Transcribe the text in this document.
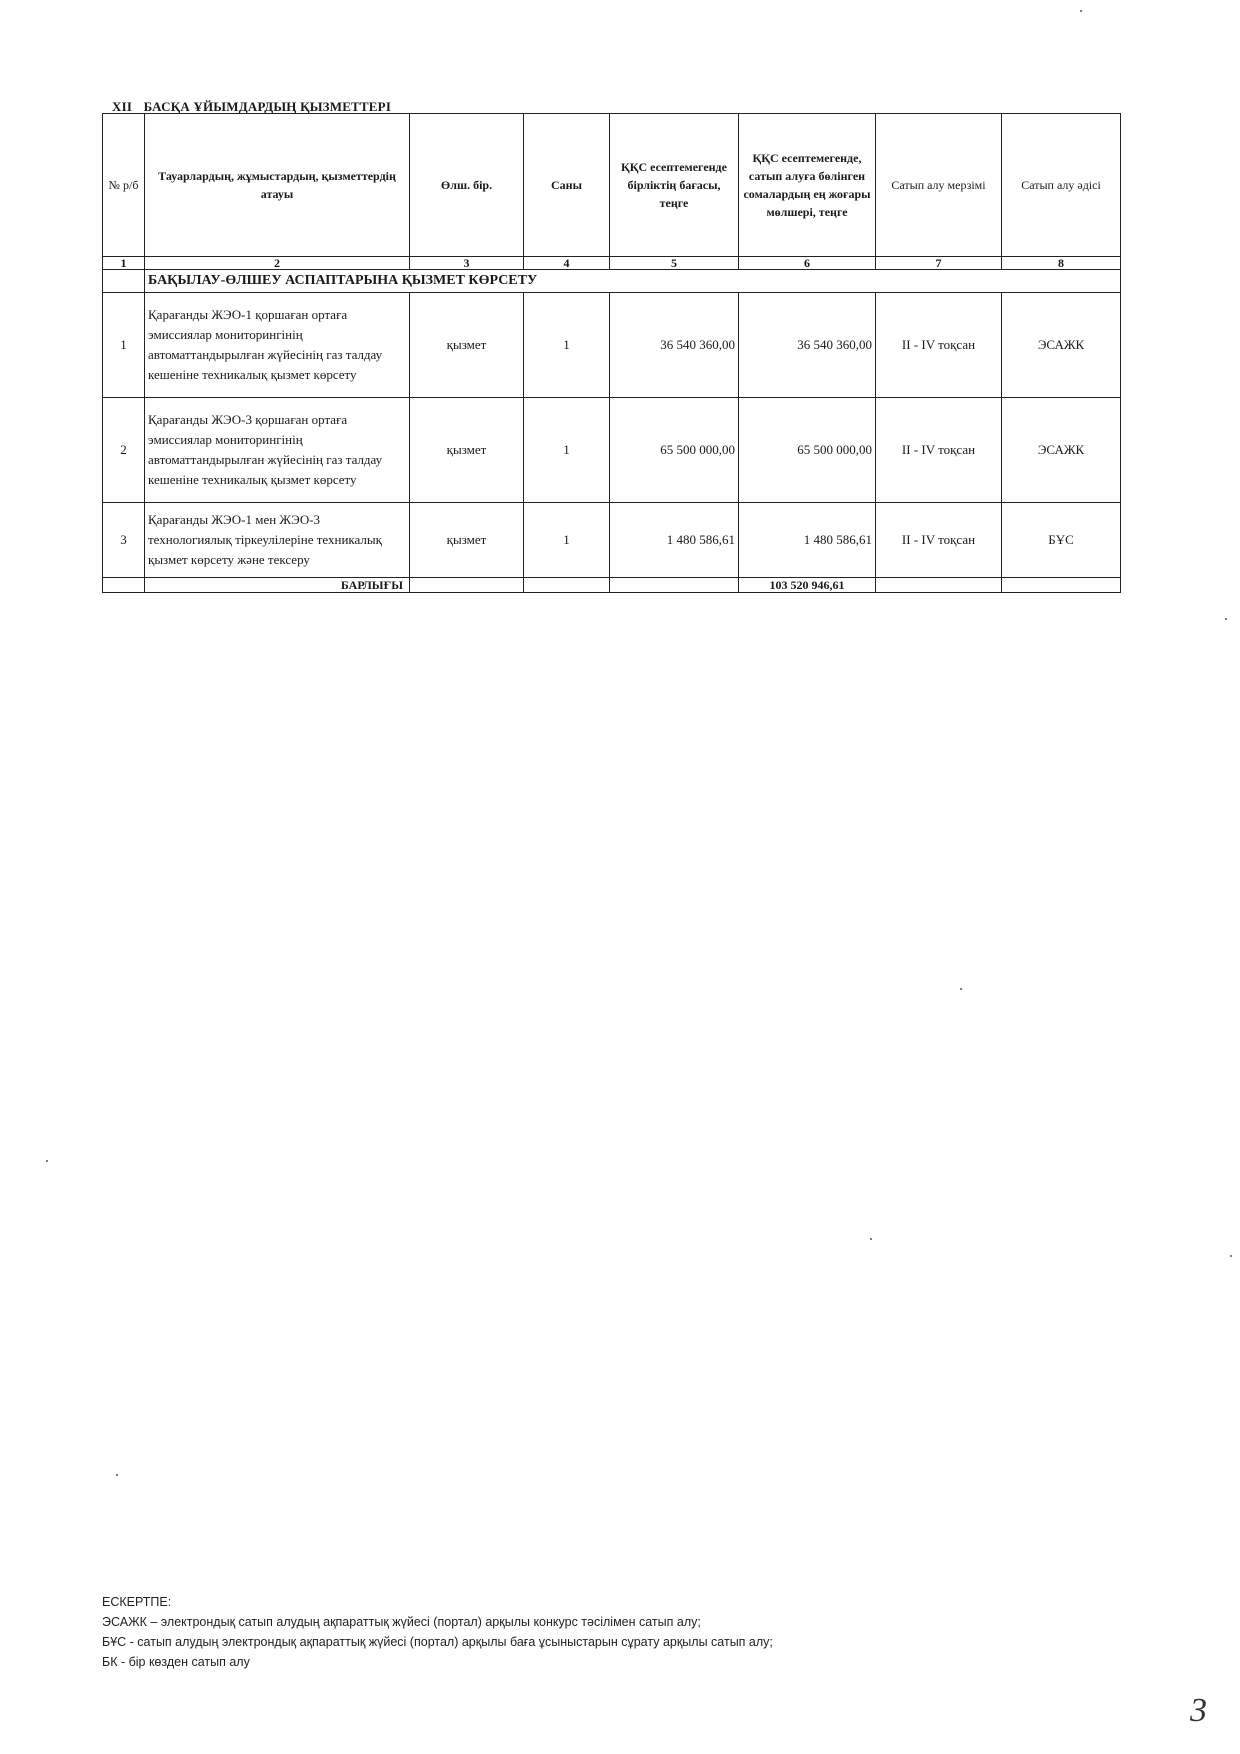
XII БАСҚА ҰЙЫМДАРДЫҢ ҚЫЗМЕТТЕРІ
№ р/б	Тауарлардың, жұмыстардың, қызметтердің атауы	Өлш. бір.	Саны	ҚҚС есептемегенде бірліктің бағасы, теңге	ҚҚС есептемегенде, сатып алуға бөлінген сомалардың ең жоғары мөлшері, теңге	Сатып алу мерзімі	Сатып алу әдісі
1	2	3	4	5	6	7	8
	БАҚЫЛАУ-ӨЛШЕУ АСПАПТАРЫНА ҚЫЗМЕТ КӨРСЕТУ						
1	Қарағанды ЖЭО-1 қоршаған ортаға эмиссиялар мониторингінің автоматтандырылған жүйесінің газ талдау кешеніне техникалық қызмет көрсету	қызмет	1	36 540 360,00	36 540 360,00	II - IV тоқсан	ЭСАЖК
2	Қарағанды ЖЭО-3 қоршаған ортаға эмиссиялар мониторингінің автоматтандырылған жүйесінің газ талдау кешеніне техникалық қызмет көрсету	қызмет	1	65 500 000,00	65 500 000,00	II - IV тоқсан	ЭСАЖК
3	Қарағанды ЖЭО-1 мен ЖЭО-3 технологиялық тіркеулілеріне техникалық қызмет көрсету және тексеру	қызмет	1	1 480 586,61	1 480 586,61	II - IV тоқсан	БҰС
	БАРЛЫҒЫ				103 520 946,61		
ЕСКЕРТПЕ:
ЭСАЖК – электрондық сатып алудың ақпараттық жүйесі (портал) арқылы конкурс тәсілімен сатып алу;
БҰС - сатып алудың электрондық ақпараттық жүйесі (портал) арқылы баға ұсыныстарын сұрату арқылы сатып алу;
БК - бір көзден сатып алу
3
